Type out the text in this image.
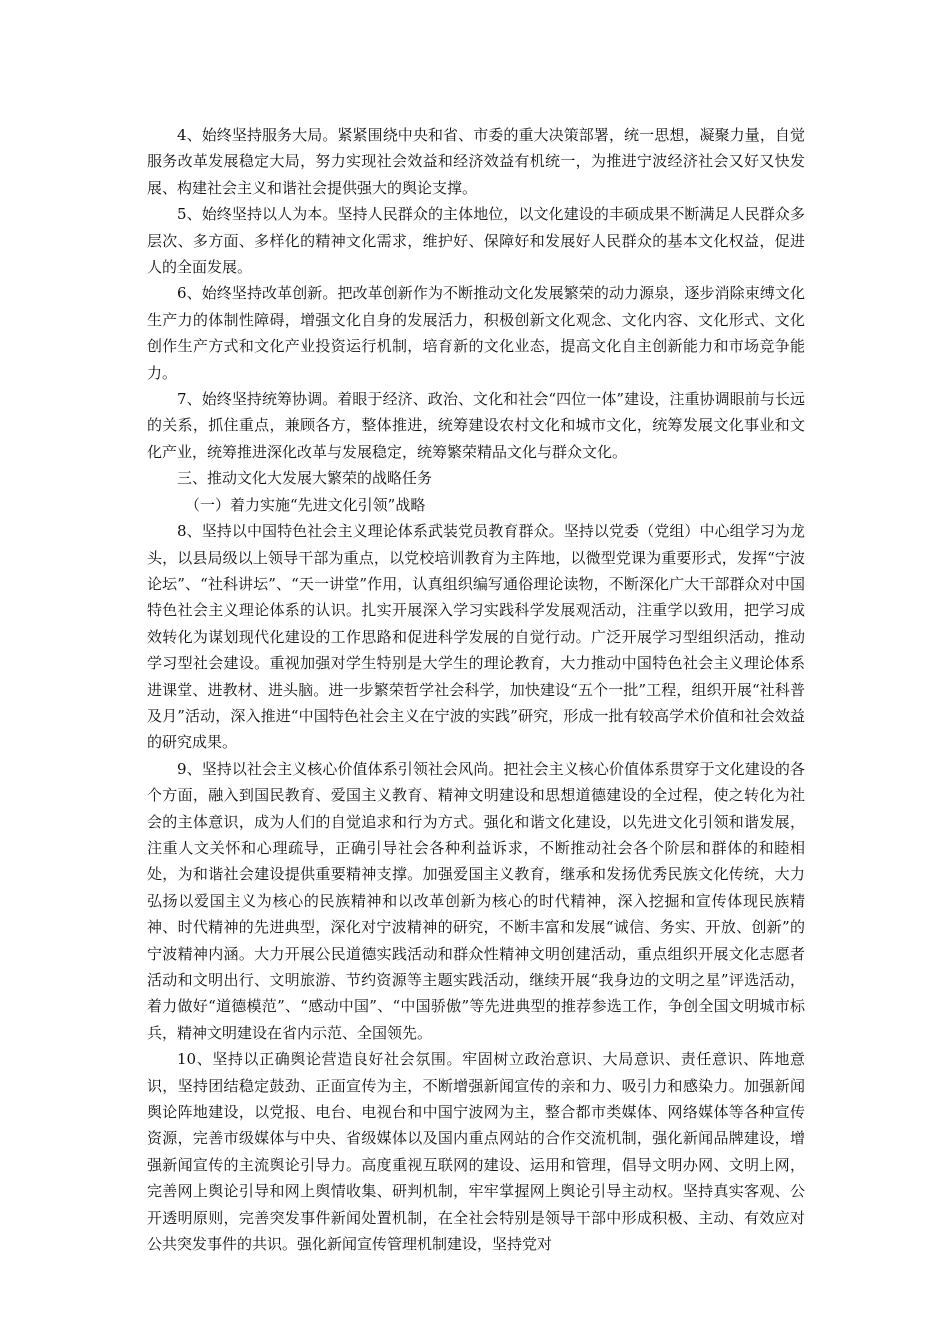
4、始终坚持服务大局。紧紧围绕中央和省、市委的重大决策部署，统一思想，凝聚力量，自觉服务改革发展稳定大局，努力实现社会效益和经济效益有机统一，为推进宁波经济社会又好又快发展、构建社会主义和谐社会提供强大的舆论支撑。

5、始终坚持以人为本。坚持人民群众的主体地位，以文化建设的丰硕成果不断满足人民群众多层次、多方面、多样化的精神文化需求，维护好、保障好和发展好人民群众的基本文化权益，促进人的全面发展。

6、始终坚持改革创新。把改革创新作为不断推动文化发展繁荣的动力源泉，逐步消除束缚文化生产力的体制性障碍，增强文化自身的发展活力，积极创新文化观念、文化内容、文化形式、文化创作生产方式和文化产业投资运行机制，培育新的文化业态，提高文化自主创新能力和市场竞争能力。

7、始终坚持统筹协调。着眼于经济、政治、文化和社会“四位一体”建设，注重协调眼前与长远的关系，抓住重点，兼顾各方，整体推进，统筹建设农村文化和城市文化，统筹发展文化事业和文化产业，统筹推进深化改革与发展稳定，统筹繁荣精品文化与群众文化。

三、推动文化大发展大繁荣的战略任务

（一）着力实施“先进文化引领”战略

8、坚持以中国特色社会主义理论体系武装党员教育群众。坚持以党委（党组）中心组学习为龙头，以县局级以上领导干部为重点，以党校培训教育为主阵地，以微型党课为重要形式，发挥“宁波论坛”、“社科讲坛”、“天一讲堂”作用，认真组织编写通俗理论读物，不断深化广大干部群众对中国特色社会主义理论体系的认识。扎实开展深入学习实践科学发展观活动，注重学以致用，把学习成效转化为谋划现代化建设的工作思路和促进科学发展的自觉行动。广泛开展学习型组织活动，推动学习型社会建设。重视加强对学生特别是大学生的理论教育，大力推动中国特色社会主义理论体系进课堂、进教材、进头脑。进一步繁荣哲学社会科学，加快建设“五个一批”工程，组织开展“社科普及月”活动，深入推进“中国特色社会主义在宁波的实践”研究，形成一批有较高学术价值和社会效益的研究成果。

9、坚持以社会主义核心价值体系引领社会风尚。把社会主义核心价值体系贯穿于文化建设的各个方面，融入到国民教育、爱国主义教育、精神文明建设和思想道德建设的全过程，使之转化为社会的主体意识，成为人们的自觉追求和行为方式。强化和谐文化建设，以先进文化引领和谐发展，注重人文关怀和心理疏导，正确引导社会各种利益诉求，不断推动社会各个阶层和群体的和睦相处，为和谐社会建设提供重要精神支撑。加强爱国主义教育，继承和发扬优秀民族文化传统，大力弘扬以爱国主义为核心的民族精神和以改革创新为核心的时代精神，深入挖掘和宣传体现民族精神、时代精神的先进典型，深化对宁波精神的研究，不断丰富和发展“诚信、务实、开放、创新”的宁波精神内涵。大力开展公民道德实践活动和群众性精神文明创建活动，重点组织开展文化志愿者活动和文明出行、文明旅游、节约资源等主题实践活动，继续开展“我身边的文明之星”评选活动，着力做好“道德模范”、“感动中国”、“中国骄傲”等先进典型的推荐参选工作，争创全国文明城市标兵，精神文明建设在省内示范、全国领先。

10、坚持以正确舆论营造良好社会氛围。牢固树立政治意识、大局意识、责任意识、阵地意识，坚持团结稳定鼓劲、正面宣传为主，不断增强新闻宣传的亲和力、吸引力和感染力。加强新闻舆论阵地建设，以党报、电台、电视台和中国宁波网为主，整合都市类媒体、网络媒体等各种宣传资源，完善市级媒体与中央、省级媒体以及国内重点网站的合作交流机制，强化新闻品牌建设，增强新闻宣传的主流舆论引导力。高度重视互联网的建设、运用和管理，倡导文明办网、文明上网，完善网上舆论引导和网上舆情收集、研判机制，牢牢掌握网上舆论引导主动权。坚持真实客观、公开透明原则，完善突发事件新闻处置机制，在全社会特别是领导干部中形成积极、主动、有效应对公共突发事件的共识。强化新闻宣传管理机制建设，坚持党对
